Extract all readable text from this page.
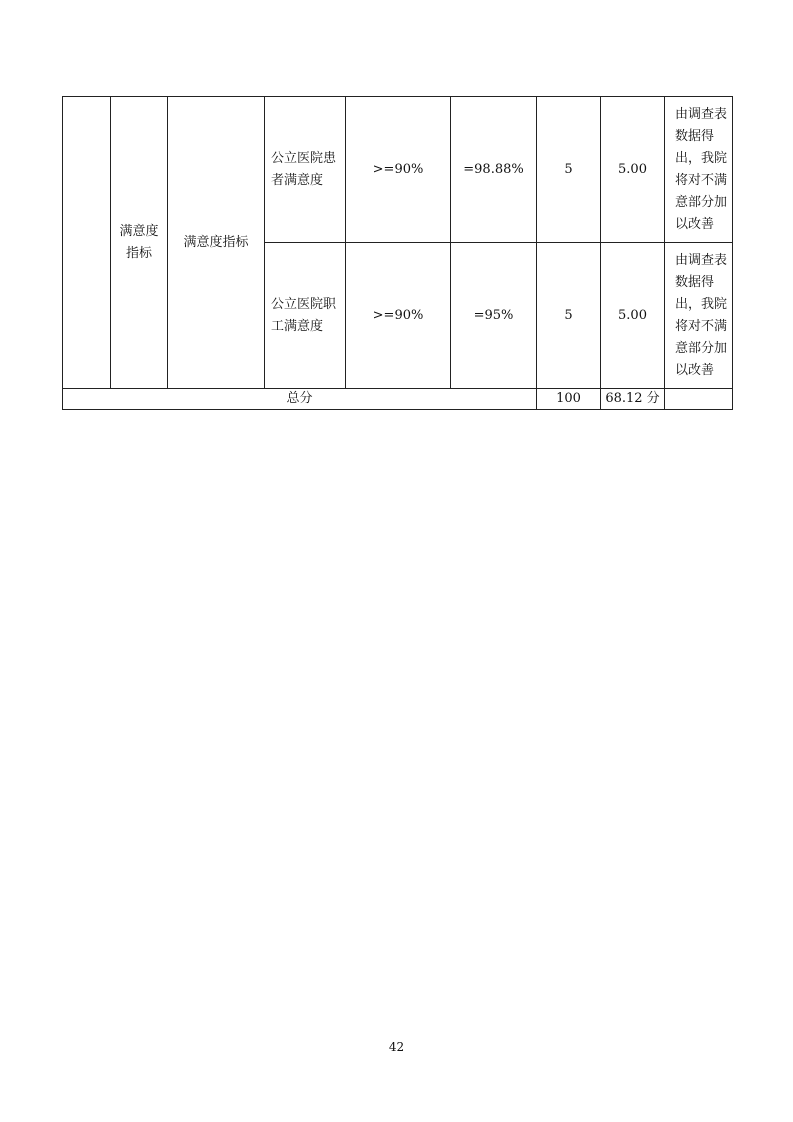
	满意度指标	满意度指标	公立医院患者满意度	>=90%	=98.88%	5	5.00	由调查表数据得出，我院将对不满意部分加以改善
			公立医院职工满意度	>=90%	=95%	5	5.00	由调查表数据得出，我院将对不满意部分加以改善
总分						100	68.12 分	
42
